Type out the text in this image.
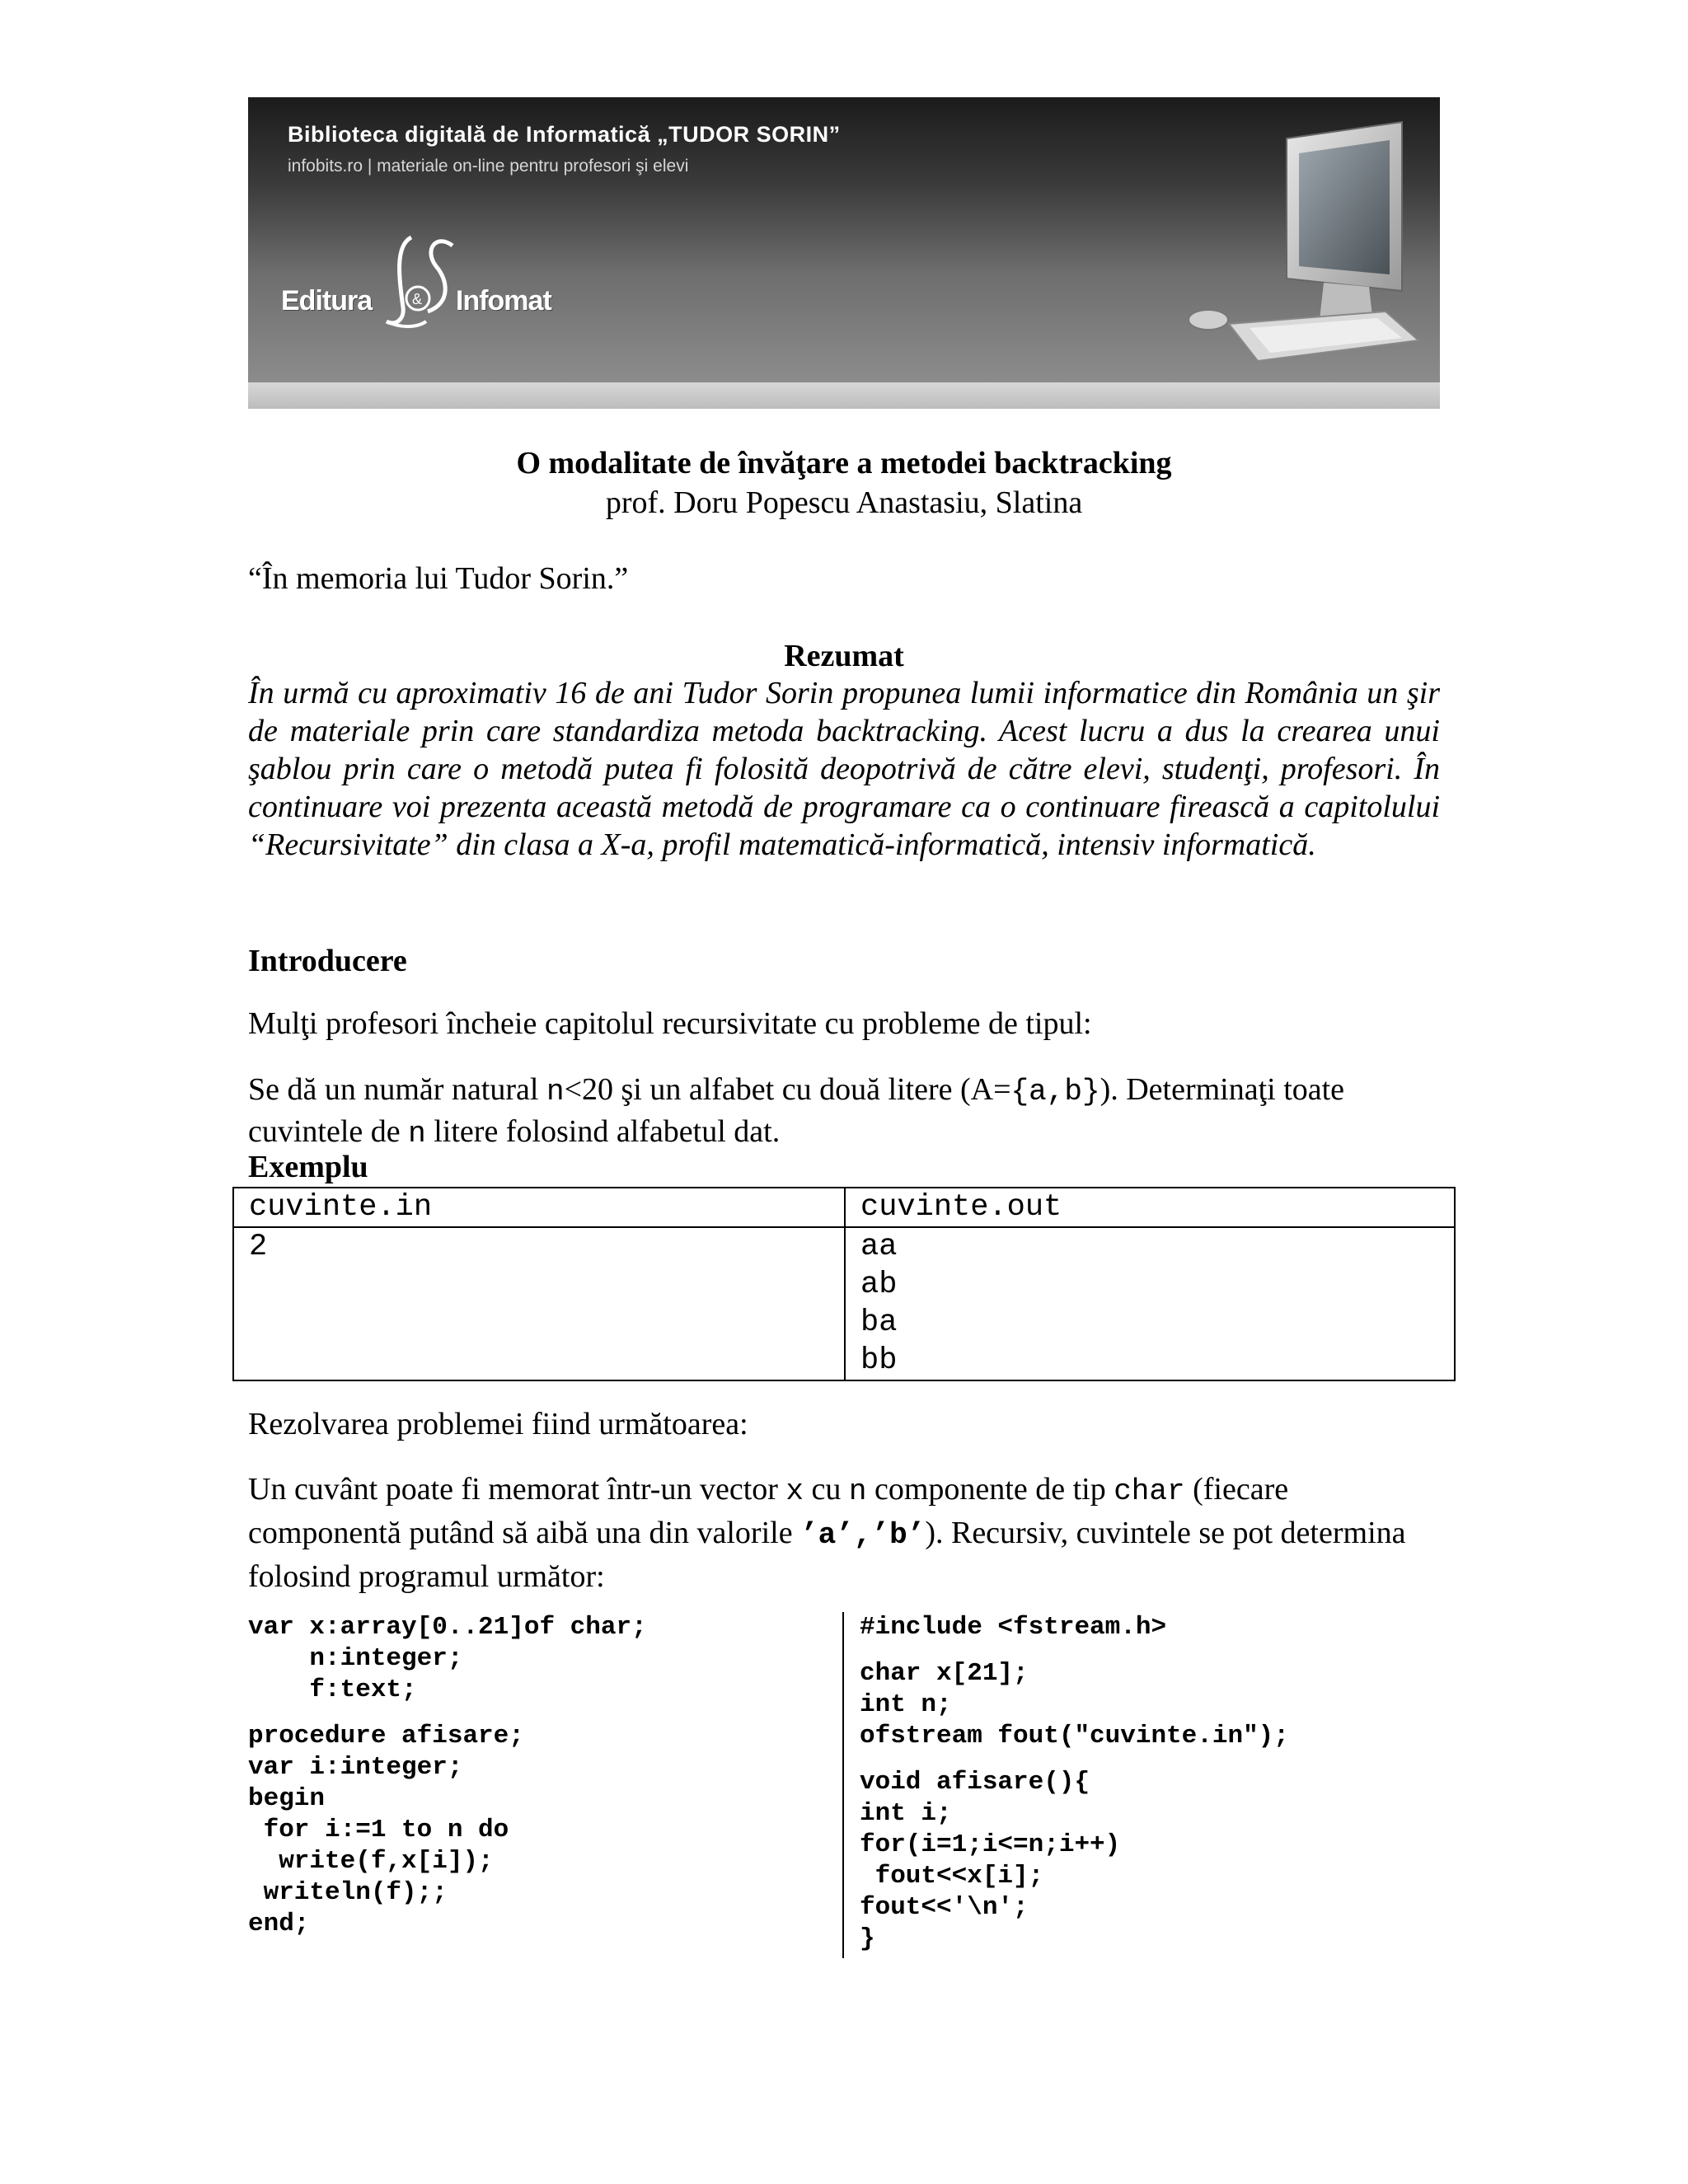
Biblioteca digitală de Informatică „TUDOR SORIN”
infobits.ro | materiale on-line pentru profesori şi elevi
Editura	& Infomat
O modalitate de învăţare a metodei backtracking
prof. Doru Popescu Anastasiu, Slatina
“În memoria lui Tudor Sorin.”
Rezumat
În urmă cu aproximativ 16 de ani Tudor Sorin propunea lumii informatice din România un şir de materiale prin care standardiza metoda backtracking. Acest lucru a dus la crearea unui şablou prin care o metodă putea fi folosită deopotrivă de către elevi, studenţi, profesori. În continuare voi prezenta această metodă de programare ca o continuare firească a capitolului “Recursivitate” din clasa a X-a, profil matematică-informatică, intensiv informatică.
Introducere
Mulţi profesori încheie capitolul recursivitate cu probleme de tipul:
Se dă un număr natural n<20 şi un alfabet cu două litere (A={a,b}). Determinaţi toate cuvintele de n litere folosind alfabetul dat.
Exemplu
cuvinte.in	cuvinte.out

2	aa
ab
ba
bb
Rezolvarea problemei fiind următoarea:
Un cuvânt poate fi memorat într-un vector x cu n componente de tip char (fiecare componentă putând să aibă una din valorile ’a’,’b’). Recursiv, cuvintele se pot determina folosind programul următor:
var x:array[0..21]of char;
n:integer;
f:text;
procedure afisare;
var i:integer;
begin
for i:=1 to n do
write(f,x[i]);
writeln(f);;
end;
#include <fstream.h>
char x[21];
int n;
ofstream fout("cuvinte.in");
void afisare(){
int i;
for(i=1;i<=n;i++)
fout<<x[i];
fout<<'\n';
}
